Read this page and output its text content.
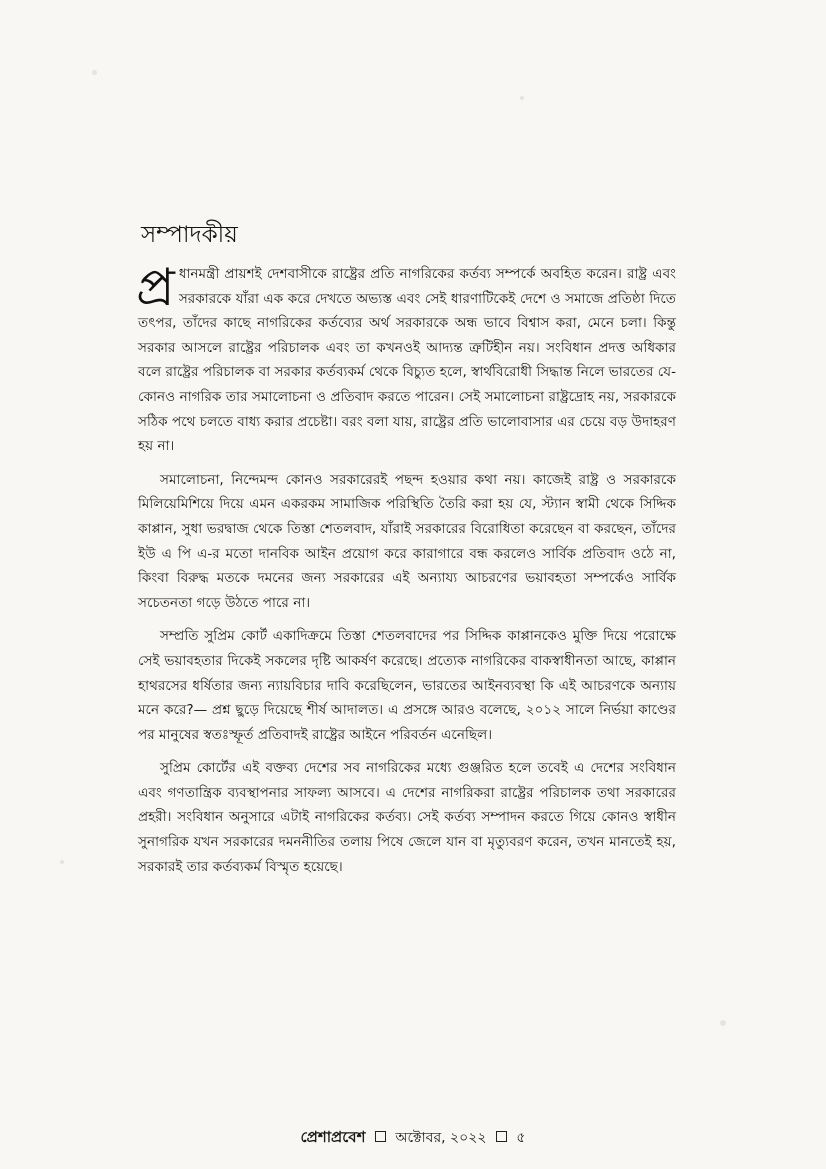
সম্পাদকীয়

প্র ধানমন্ত্রী প্রায়শই দেশবাসীকে রাষ্ট্রের প্রতি নাগরিকের কর্তব্য সম্পর্কে অবহিত করেন। রাষ্ট্র এবং সরকারকে যাঁরা এক করে দেখতে অভ্যস্ত এবং সেই ধারণাটিকেই দেশে ও সমাজে প্রতিষ্ঠা দিতে তৎপর, তাঁদের কাছে নাগরিকের কর্তব্যের অর্থ সরকারকে অন্ধ ভাবে বিশ্বাস করা, মেনে চলা। কিন্তু সরকার আসলে রাষ্ট্রের পরিচালক এবং তা কখনওই আদ্যন্ত ত্রুটিহীন নয়। সংবিধান প্রদত্ত অধিকার বলে রাষ্ট্রের পরিচালক বা সরকার কর্তব্যকর্ম থেকে বিচ্যুত হলে, স্বার্থবিরোধী সিদ্ধান্ত নিলে ভারতের যে-কোনও নাগরিক তার সমালোচনা ও প্রতিবাদ করতে পারেন। সেই সমালোচনা রাষ্ট্রদ্রোহ নয়, সরকারকে সঠিক পথে চলতে বাধ্য করার প্রচেষ্টা। বরং বলা যায়, রাষ্ট্রের প্রতি ভালোবাসার এর চেয়ে বড় উদাহরণ হয় না।

সমালোচনা, নিন্দেমন্দ কোনও সরকারেরই পছন্দ হওয়ার কথা নয়। কাজেই রাষ্ট্র ও সরকারকে মিলিয়েমিশিয়ে দিয়ে এমন একরকম সামাজিক পরিস্থিতি তৈরি করা হয় যে, স্ট্যান স্বামী থেকে সিদ্দিক কাপ্পান, সুধা ভরদ্বাজ থেকে তিস্তা শেতলবাদ, যাঁরাই সরকারের বিরোধিতা করেছেন বা করছেন, তাঁদের ইউ এ পি এ-র মতো দানবিক আইন প্রয়োগ করে কারাগারে বন্ধ করলেও সার্বিক প্রতিবাদ ওঠে না, কিংবা বিরুদ্ধ মতকে দমনের জন্য সরকারের এই অন্যায্য আচরণের ভয়াবহতা সম্পর্কেও সার্বিক সচেতনতা গড়ে উঠতে পারে না।

সম্প্রতি সুপ্রিম কোর্ট একাদিক্রমে তিস্তা শেতলবাদের পর সিদ্দিক কাপ্পানকেও মুক্তি দিয়ে পরোক্ষে সেই ভয়াবহতার দিকেই সকলের দৃষ্টি আকর্ষণ করেছে। প্রত্যেক নাগরিকের বাকস্বাধীনতা আছে, কাপ্পান হাথরসের ধর্ষিতার জন্য ন্যায়বিচার দাবি করেছিলেন, ভারতের আইনব্যবস্থা কি এই আচরণকে অন্যায় মনে করে?— প্রশ্ন ছুড়ে দিয়েছে শীর্ষ আদালত। এ প্রসঙ্গে আরও বলেছে, ২০১২ সালে নির্ভয়া কাণ্ডের পর মানুষের স্বতঃস্ফূর্ত প্রতিবাদই রাষ্ট্রের আইনে পরিবর্তন এনেছিল।

সুপ্রিম কোর্টের এই বক্তব্য দেশের সব নাগরিকের মধ্যে গুঞ্জরিত হলে তবেই এ দেশের সংবিধান এবং গণতান্ত্রিক ব্যবস্থাপনার সাফল্য আসবে। এ দেশের নাগরিকরা রাষ্ট্রের পরিচালক তথা সরকারের প্রহরী। সংবিধান অনুসারে এটাই নাগরিকের কর্তব্য। সেই কর্তব্য সম্পাদন করতে গিয়ে কোনও স্বাধীন সুনাগরিক যখন সরকারের দমননীতির তলায় পিষে জেলে যান বা মৃত্যুবরণ করেন, তখন মানতেই হয়, সরকারই তার কর্তব্যকর্ম বিস্মৃত হয়েছে।

প্রেশাপ্রবেশ অক্টোবর, ২০২২ ৫
